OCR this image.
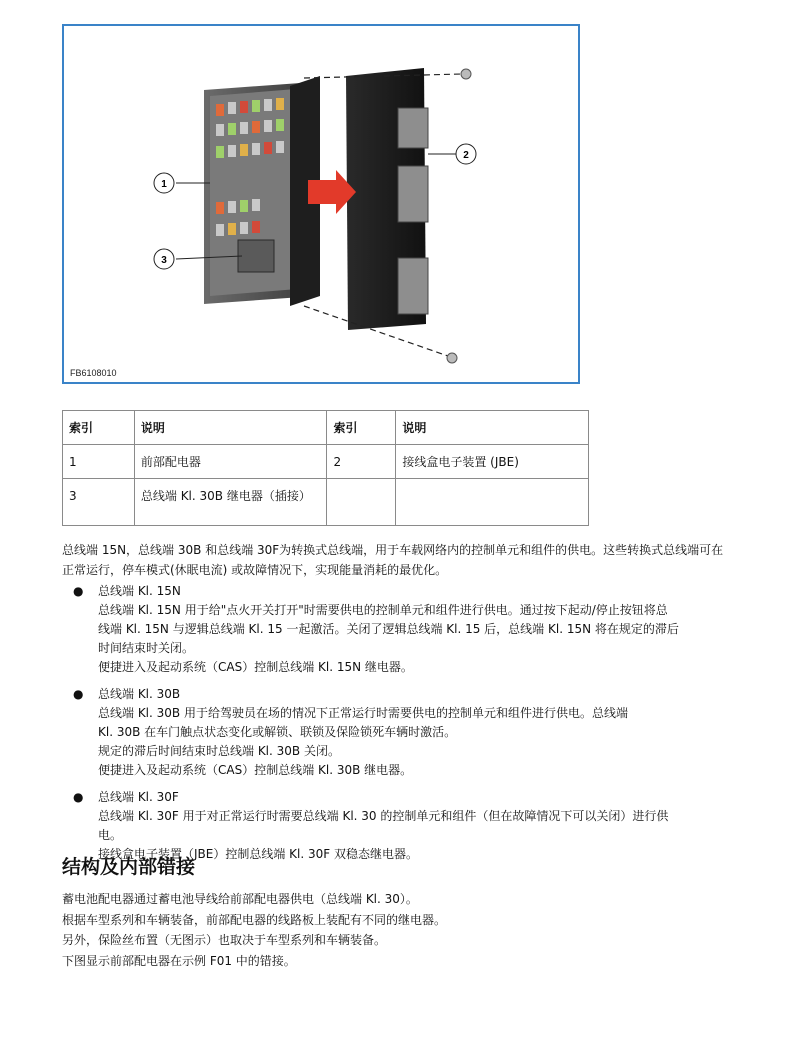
1
2
3
FB6108010
索引	说明	索引	说明
1	前部配电器	2	接线盒电子装置 (JBE)
3	总线端 Kl. 30B 继电器（插接）		
总线端 15N，总线端 30B 和总线端 30F为转换式总线端，用于车载网络内的控制单元和组件的供电。这些转换式总线端可在正常运行，停车模式(休眠电流) 或故障情况下，实现能量消耗的最优化。
● 总线端 Kl. 15N
总线端 Kl. 15N 用于给"点火开关打开"时需要供电的控制单元和组件进行供电。通过按下起动/停止按钮将总
线端 Kl. 15N 与逻辑总线端 Kl. 15 一起激活。关闭了逻辑总线端 Kl. 15 后，总线端 Kl. 15N 将在规定的滞后
时间结束时关闭。
便捷进入及起动系统（CAS）控制总线端 Kl. 15N 继电器。
● 总线端 Kl. 30B
总线端 Kl. 30B 用于给驾驶员在场的情况下正常运行时需要供电的控制单元和组件进行供电。总线端
Kl. 30B 在车门触点状态变化或解锁、联锁及保险锁死车辆时激活。
规定的滞后时间结束时总线端 Kl. 30B 关闭。
便捷进入及起动系统（CAS）控制总线端 Kl. 30B 继电器。
● 总线端 Kl. 30F
总线端 Kl. 30F 用于对正常运行时需要总线端 Kl. 30 的控制单元和组件（但在故障情况下可以关闭）进行供
电。
接线盒电子装置（JBE）控制总线端 Kl. 30F 双稳态继电器。
结构及内部错接
蓄电池配电器通过蓄电池导线给前部配电器供电（总线端 Kl. 30）。
根据车型系列和车辆装备，前部配电器的线路板上装配有不同的继电器。
另外，保险丝布置（无图示）也取决于车型系列和车辆装备。
下图显示前部配电器在示例 F01 中的错接。
